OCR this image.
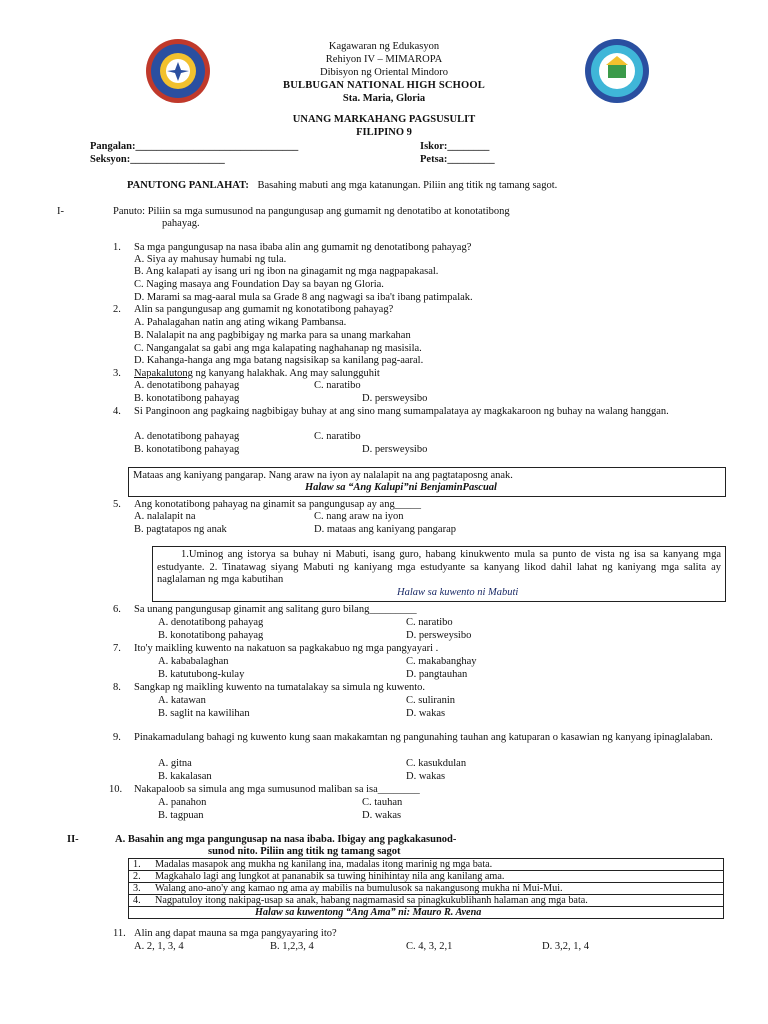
Kagawaran ng Edukasyon
Rehiyon IV – MIMAROPA
Dibisyon ng Oriental Mindoro
BULBUGAN NATIONAL HIGH SCHOOL
Sta. Maria, Gloria
UNANG MARKAHANG PAGSUSULIT
FILIPINO 9
Pangalan:_______________________________
Seksyon:__________________
Iskor:________
Petsa:_________
PANUTONG PANLAHAT: Basahing mabuti ang mga katanungan. Piliin ang titik ng tamang sagot.
I-	Panuto: Piliin sa mga sumusunod na pangungusap ang gumamit ng denotatibo at konotatibong
pahayag.
1. Sa mga pangungusap na nasa ibaba alin ang gumamit ng denotatibong pahayag?
A. Siya ay mahusay humabi ng tula.
B. Ang kalapati ay isang uri ng ibon na ginagamit ng mga nagpapakasal.
C. Naging masaya ang Foundation Day sa bayan ng Gloria.
D. Marami sa mag-aaral mula sa Grade 8 ang nagwagi sa iba't ibang patimpalak.
2. Alin sa pangungusap ang gumamit ng konotatibong pahayag?
A. Pahalagahan natin ang ating wikang Pambansa.
B. Nalalapit na ang pagbibigay ng marka para sa unang markahan
C. Nangangalat sa gabi ang mga kalapating naghahanap ng masisila.
D. Kahanga-hanga ang mga batang nagsisikap sa kanilang pag-aaral.
3. Napakalutong ng kanyang halakhak. Ang may salungguhit
A. denotatibong pahayag	C. naratibo
B. konotatibong pahayag	D. persweysibo
4. Si Panginoon ang pagkaing nagbibigay buhay at ang sino mang sumampalataya ay magkakaroon ng buhay na walang hanggan.
A. denotatibong pahayag	C. naratibo
B. konotatibong pahayag	D. persweysibo
Mataas ang kaniyang pangarap. Nang araw na iyon ay nalalapit na ang pagtataposng anak.
Halaw sa “Ang Kalupi”ni BenjaminPascual
5. Ang konotatibong pahayag na ginamit sa pangungusap ay ang_____
A. nalalapit na	C. nang araw na iyon
B. pagtatapos ng anak	D. mataas ang kaniyang pangarap
1.Uminog ang istorya sa buhay ni Mabuti, isang guro, habang kinukwento mula sa punto de vista ng isa sa kanyang mga estudyante. 2. Tinatawag siyang Mabuti ng kaniyang mga estudyante sa kanyang likod dahil lahat ng kaniyang mga salita ay naglalaman ng mga kabutihan
Halaw sa kuwento ni Mabuti
6. Sa unang pangungusap ginamit ang salitang guro bilang_________
A. denotatibong pahayag	C. naratibo
B. konotatibong pahayag	D. persweysibo
7. Ito'y maikling kuwento na nakatuon sa pagkakabuo ng mga pangyayari .
A. kababalaghan	C. makabanghay
B. katutubong-kulay	D. pangtauhan
8. Sangkap ng maikling kuwento na tumatalakay sa simula ng kuwento.
A. katawan	C. suliranin
B. saglit na kawilihan	D. wakas
9. Pinakamadulang bahagi ng kuwento kung saan makakamtan ng pangunahing tauhan ang katuparan o kasawian ng kanyang ipinaglalaban.
A. gitna	C. kasukdulan
B. kakalasan	D. wakas
10. Nakapaloob sa simula ang mga sumusunod maliban sa isa________
A. panahon	C. tauhan
B. tagpuan	D. wakas
II-	A. Basahin ang mga pangungusap na nasa ibaba. Ibigay ang pagkakasunod-
sunod nito. Piliin ang titik ng tamang sagot
1.	Madalas masapok ang mukha ng kanilang ina, madalas itong marinig ng mga bata.
2.	Magkahalo lagi ang lungkot at pananabik sa tuwing hinihintay nila ang kanilang ama.
3.	Walang ano-ano'y ang kamao ng ama ay mabilis na bumulusok sa nakangusong mukha ni Mui-Mui.
4.	Nagpatuloy itong nakipag-usap sa anak, habang nagmamasid sa pinagkukublihanh halaman ang mga bata.
Halaw sa kuwentong “Ang Ama” ni: Mauro R. Avena	
11. Alin ang dapat mauna sa mga pangyayaring ito?
A. 2, 1, 3, 4	B. 1,2,3, 4	C. 4, 3, 2,1	D. 3,2, 1, 4
